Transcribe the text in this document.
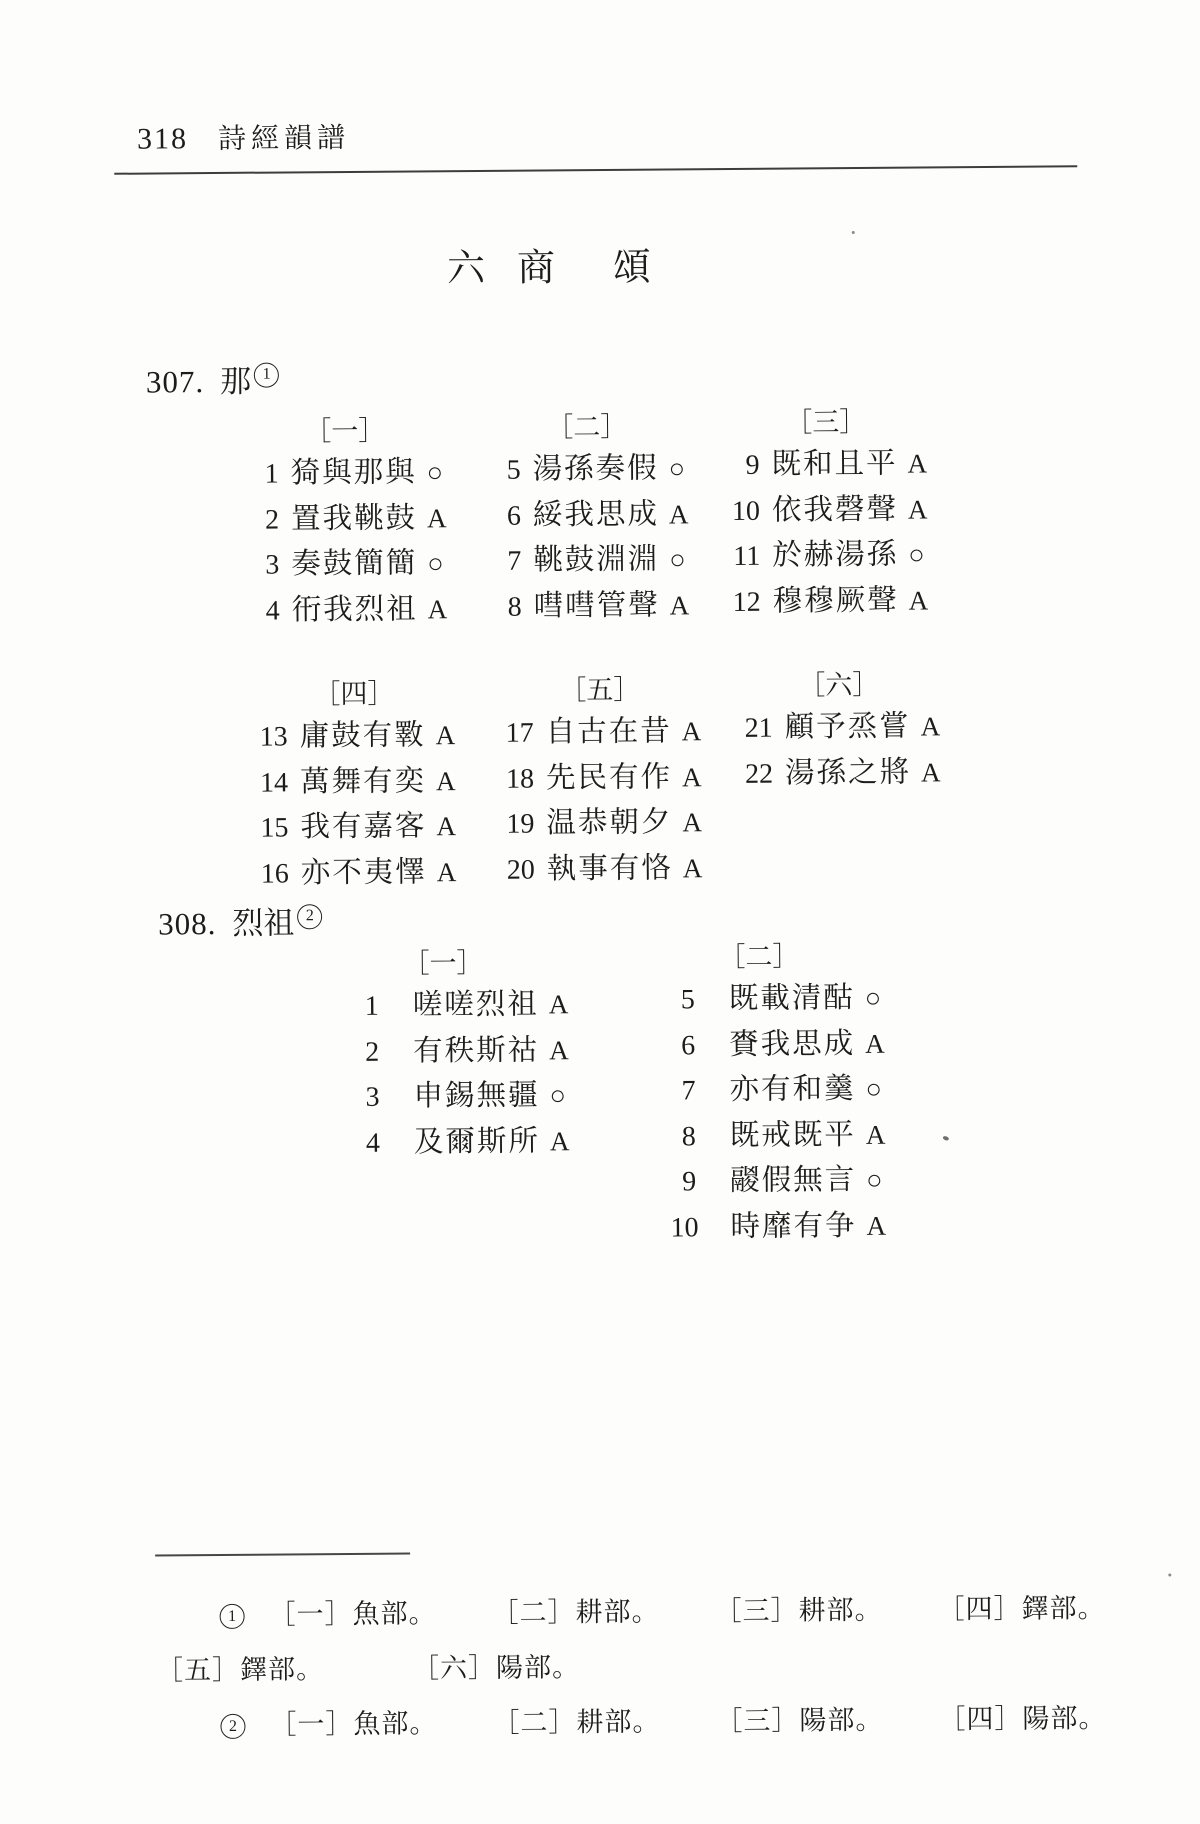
318 詩經韻譜
六 商 頌
307. 那 1
308. 烈祖 2
［一］
1 猗與那與 ○
2 置我鞉鼓 A
3 奏鼓簡簡 ○
4 衎我烈祖 A
［二］
5 湯孫奏假 ○
6 綏我思成 A
7 鞉鼓淵淵 ○
8 嘒嘒管聲 A
［三］
9 既和且平 A
10 依我磬聲 A
11 於赫湯孫 ○
12 穆穆厥聲 A
［四］
13 庸鼓有斁 A
14 萬舞有奕 A
15 我有嘉客 A
16 亦不夷懌 A
［五］
17 自古在昔 A
18 先民有作 A
19 温恭朝夕 A
20 執事有恪 A
［六］
21 顧予烝嘗 A
22 湯孫之將 A
［一］
1 嗟嗟烈祖 A
2 有秩斯祜 A
3 申錫無疆 ○
4 及爾斯所 A
［二］
5 既載清酤 ○
6 賚我思成 A
7 亦有和羹 ○
8 既戒既平 A
9 鬷假無言 ○
10 時靡有争 A
1	［一］魚部。 ［二］耕部。 ［三］耕部。 ［四］鐸部。
［五］鐸部。	［六］陽部。
2	［一］魚部。 ［二］耕部。 ［三］陽部。 ［四］陽部。
